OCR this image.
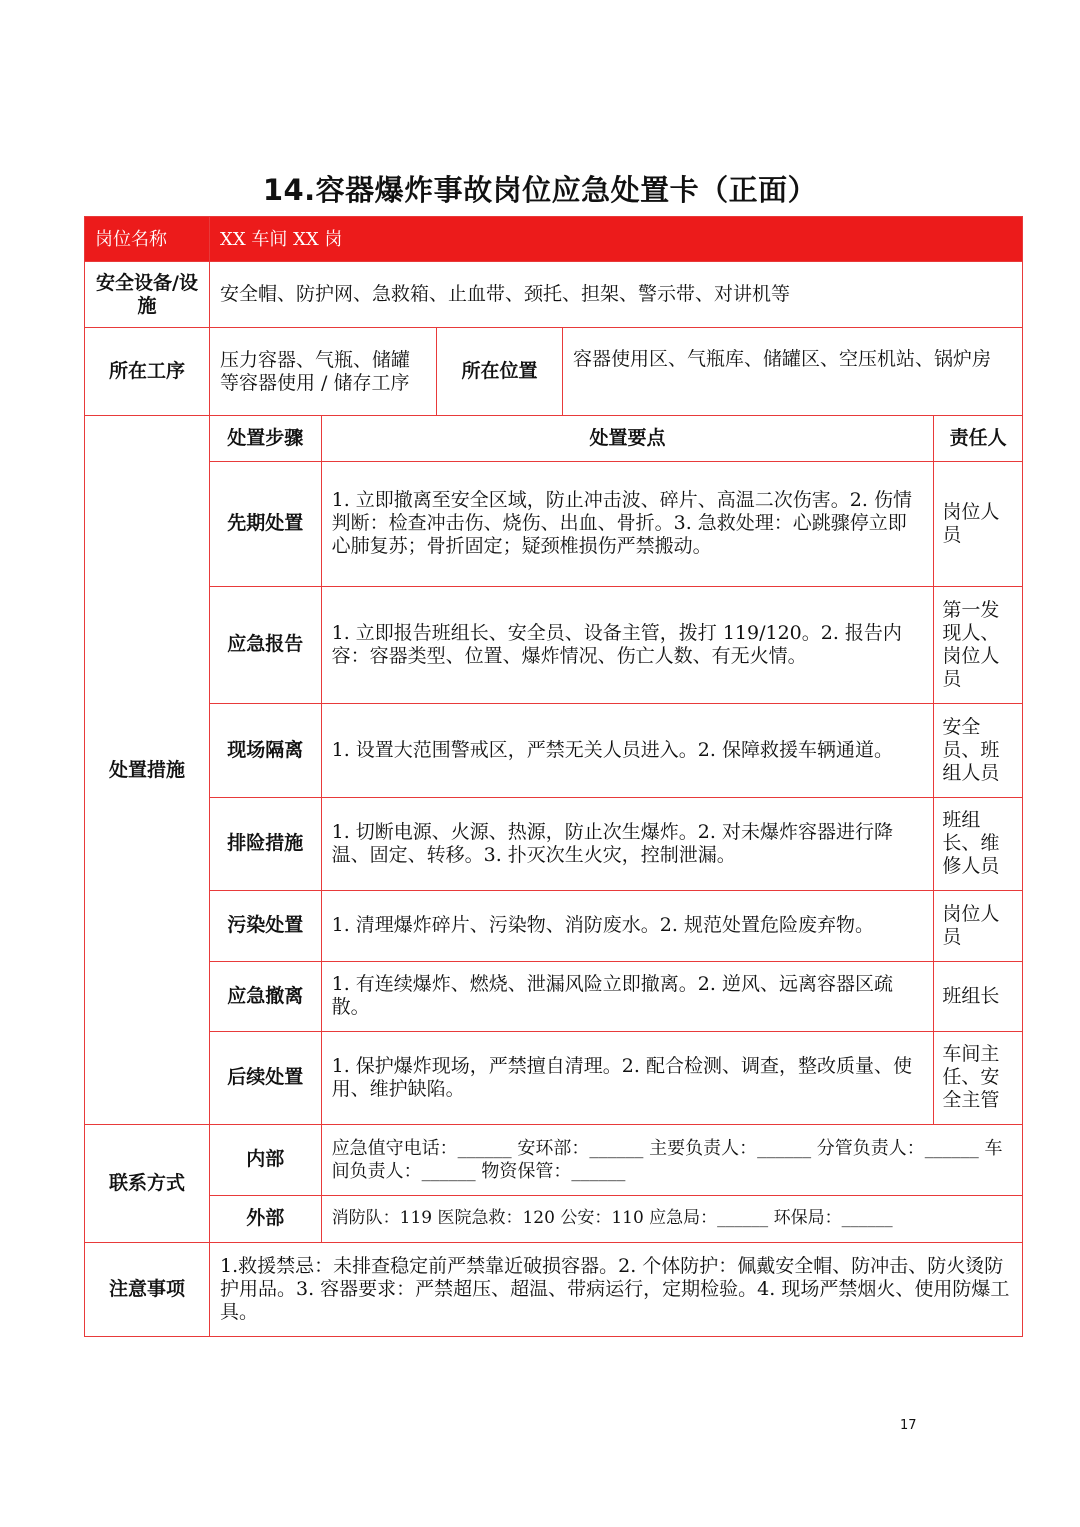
14.容器爆炸事故岗位应急处置卡（正面）
岗位名称	XX 车间 XX 岗
安全设备/设施	安全帽、防护网、急救箱、止血带、颈托、担架、警示带、对讲机等
所在工序	压力容器、气瓶、储罐等容器使用 / 储存工序	所在位置	容器使用区、气瓶库、储罐区、空压机站、锅炉房
处置措施	
处置步骤	处置要点	责任人
先期处置	1. 立即撤离至安全区域，防止冲击波、碎片、高温二次伤害。2. 伤情判断：检查冲击伤、烧伤、出血、骨折。3. 急救处理：心跳骤停立即心肺复苏；骨折固定；疑颈椎损伤严禁搬动。	岗位人员
应急报告	1. 立即报告班组长、安全员、设备主管，拨打 119/120。2. 报告内容：容器类型、位置、爆炸情况、伤亡人数、有无火情。	第一发现人、岗位人员
现场隔离	1. 设置大范围警戒区，严禁无关人员进入。2. 保障救援车辆通道。	安全员、班组人员
排险措施	1. 切断电源、火源、热源，防止次生爆炸。2. 对未爆炸容器进行降温、固定、转移。3. 扑灭次生火灾，控制泄漏。	班组长、维修人员
污染处置	1. 清理爆炸碎片、污染物、消防废水。2. 规范处置危险废弃物。	岗位人员
应急撤离	1. 有连续爆炸、燃烧、泄漏风险立即撤离。2. 逆风、远离容器区疏散。	班组长
后续处置	1. 保护爆炸现场，严禁擅自清理。2. 配合检测、调查，整改质量、使用、维护缺陷。	车间主任、安全主管

联系方式	
内部	应急值守电话：______ 安环部：______ 主要负责人：______ 分管负责人：______ 车间负责人：______ 物资保管：______
外部	消防队：119 医院急救：120 公安：110 应急局：______ 环保局：______

注意事项	1.救援禁忌：未排查稳定前严禁靠近破损容器。2. 个体防护：佩戴安全帽、防冲击、防火烫防护用品。3. 容器要求：严禁超压、超温、带病运行，定期检验。4. 现场严禁烟火、使用防爆工具。
17
